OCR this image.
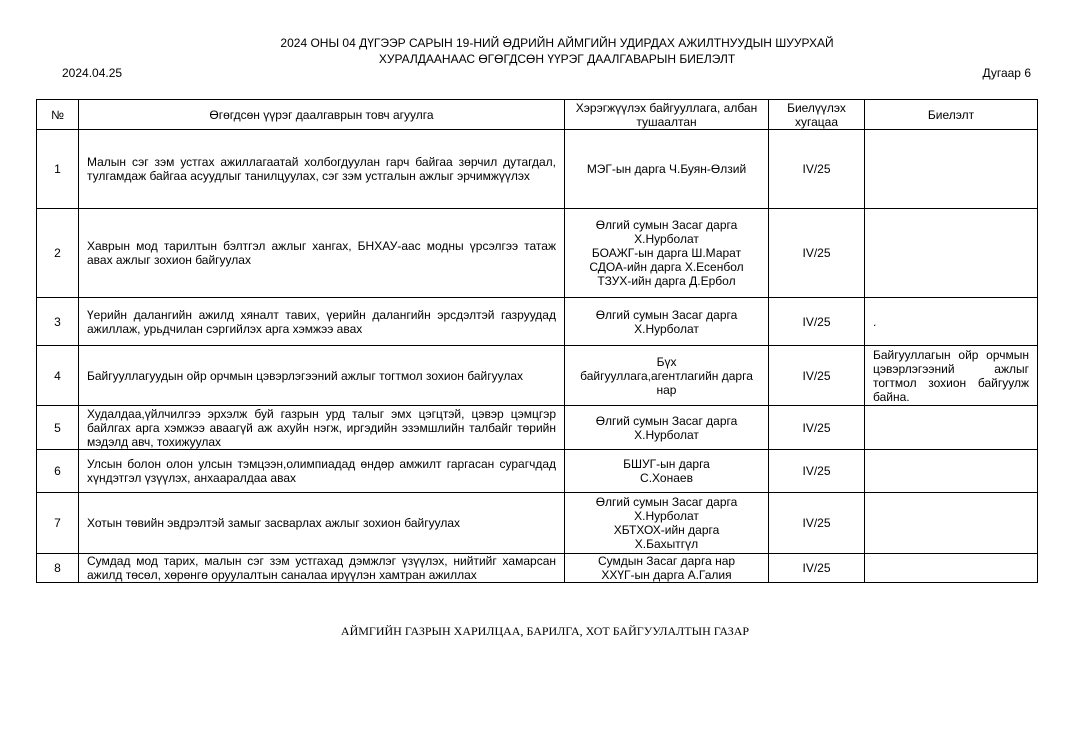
2024 ОНЫ 04 ДҮГЭЭР САРЫН 19-НИЙ ӨДРИЙН АЙМГИЙН УДИРДАХ АЖИЛТНУУДЫН ШУУРХАЙ
ХУРАЛДААНААС ӨГӨГДСӨН ҮҮРЭГ ДААЛГАВАРЫН БИЕЛЭЛТ
2024.04.25	Дугаар 6
№	Өгөгдсөн үүрэг даалгаврын товч агуулга	Хэрэгжүүлэх байгууллага, албан тушаалтан	Биелүүлэх хугацаа	Биелэлт
1	Малын сэг зэм устгах ажиллагаатай холбогдуулан гарч байгаа зөрчил дутагдал, тулгамдаж байгаа асуудлыг танилцуулах, сэг зэм устгалын ажлыг эрчимжүүлэх	МЭГ-ын дарга Ч.Буян-Өлзий	IV/25	
2	Хаврын мод тарилтын бэлтгэл ажлыг хангах, БНХАУ-аас модны үрсэлгээ татаж авах ажлыг зохион байгуулах	Өлгий сумын Засаг дарга
Х.Нурболат
БОАЖГ-ын дарга Ш.Марат
СДОА-ийн дарга Х.Есенбол
ТЗУХ-ийн дарга Д.Ербол	IV/25	
3	Үерийн далангийн ажилд хяналт тавих, үерийн далангийн эрсдэлтэй газруудад ажиллаж, урьдчилан сэргийлэх арга хэмжээ авах	Өлгий сумын Засаг дарга
Х.Нурболат	IV/25	.
4	Байгууллагуудын ойр орчмын цэвэрлэгээний ажлыг тогтмол зохион байгуулах	Бүх
байгууллага,агентлагийн дарга
нар	IV/25	Байгууллагын ойр орчмын цэвэрлэгээний ажлыг тогтмол зохион байгуулж байна.
5	Худалдаа,үйлчилгээ эрхэлж буй газрын урд талыг эмх цэгцтэй, цэвэр цэмцгэр байлгах арга хэмжээ аваагүй аж ахуйн нэгж, иргэдийн эзэмшлийн талбайг төрийн мэдэлд авч, тохижуулах	Өлгий сумын Засаг дарга
Х.Нурболат	IV/25	
6	Улсын болон олон улсын тэмцээн,олимпиадад өндөр амжилт гаргасан сурагчдад хүндэтгэл үзүүлэх, анхааралдаа авах	БШУГ-ын дарга
С.Хонаев	IV/25	
7	Хотын төвийн эвдрэлтэй замыг засварлах ажлыг зохион байгуулах	Өлгий сумын Засаг дарга
Х.Нурболат
ХБТХОХ-ийн дарга
Х.Бахытгүл	IV/25	
8	Сумдад мод тарих, малын сэг зэм устгахад дэмжлэг үзүүлэх, нийтийг хамарсан ажилд төсөл, хөрөнгө оруулалтын саналаа ирүүлэн хамтран ажиллах	Сумдын Засаг дарга нар
ХХҮГ-ын дарга А.Галия	IV/25	
АЙМГИЙН ГАЗРЫН ХАРИЛЦАА, БАРИЛГА, ХОТ БАЙГУУЛАЛТЫН ГАЗАР
